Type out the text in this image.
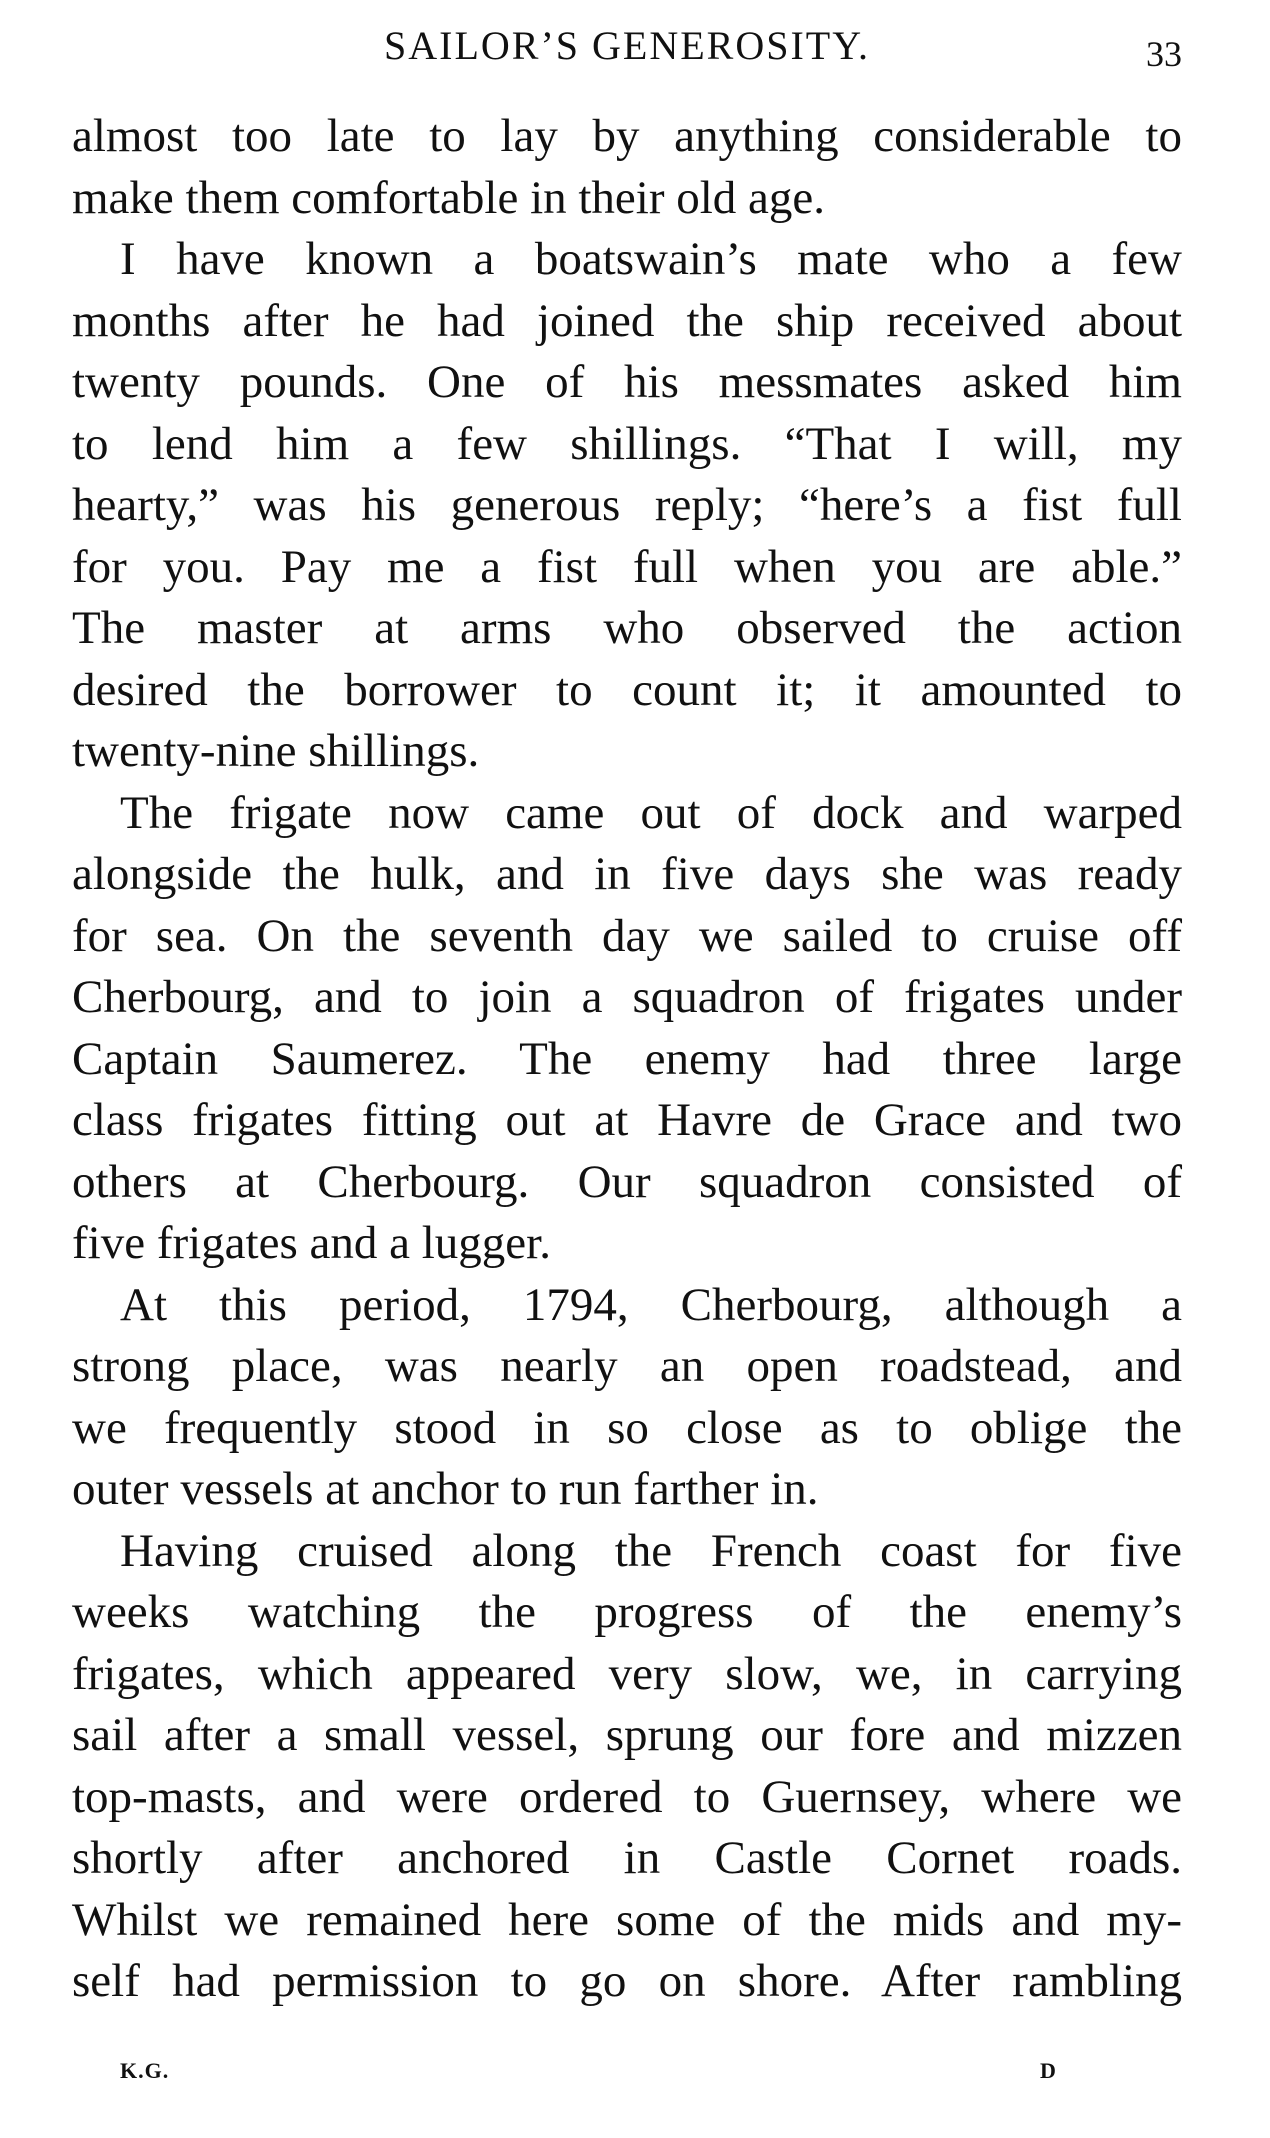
SAILOR’S GENEROSITY.	33
almost too late to lay by anything considerable to
make them comfortable in their old age.
I have known a boatswain’s mate who a few
months after he had joined the ship received about
twenty pounds. One of his messmates asked him
to lend him a few shillings. “That I will, my
hearty,” was his generous reply; “here’s a fist full
for you. Pay me a fist full when you are able.”
The master at arms who observed the action
desired the borrower to count it; it amounted to
twenty-nine shillings.
The frigate now came out of dock and warped
alongside the hulk, and in five days she was ready
for sea. On the seventh day we sailed to cruise off
Cherbourg, and to join a squadron of frigates under
Captain Saumerez. The enemy had three large
class frigates fitting out at Havre de Grace and two
others at Cherbourg. Our squadron consisted of
five frigates and a lugger.
At this period, 1794, Cherbourg, although a
strong place, was nearly an open roadstead, and
we frequently stood in so close as to oblige the
outer vessels at anchor to run farther in.
Having cruised along the French coast for five
weeks watching the progress of the enemy’s
frigates, which appeared very slow, we, in carrying
sail after a small vessel, sprung our fore and mizzen
top-masts, and were ordered to Guernsey, where we
shortly after anchored in Castle Cornet roads.
Whilst we remained here some of the mids and my-
self had permission to go on shore. After rambling
K.G.	D
